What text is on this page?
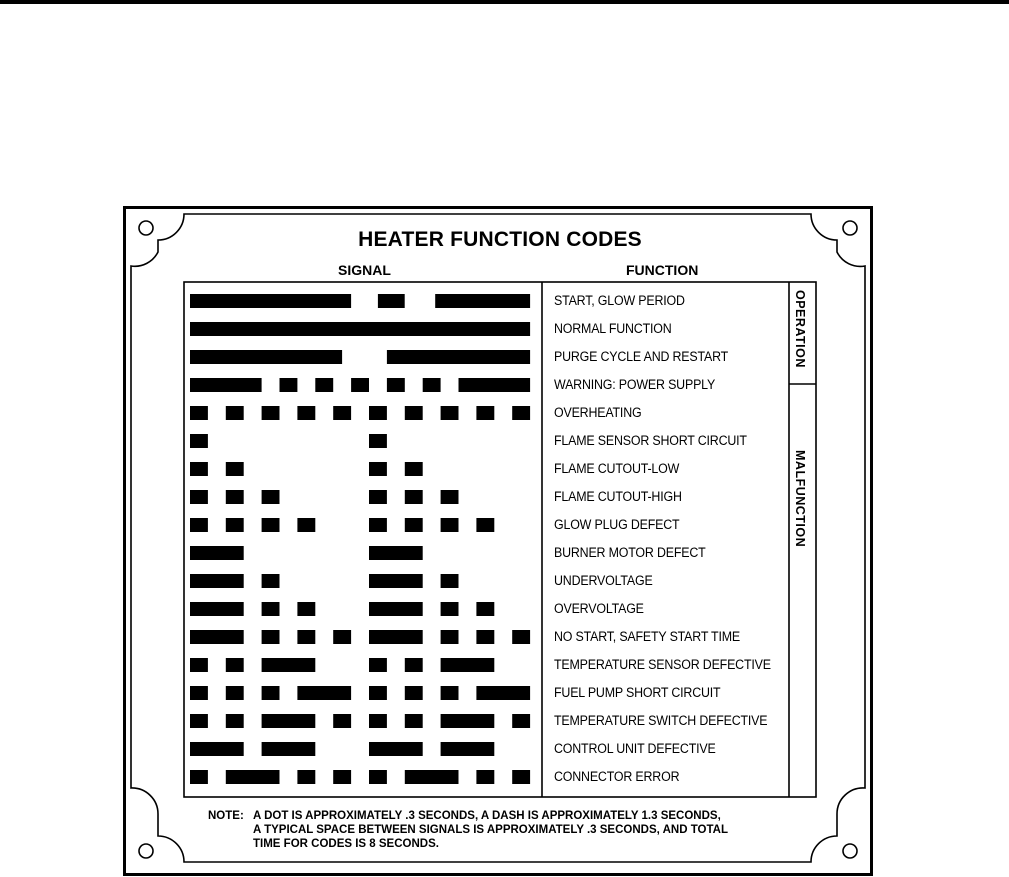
HEATER FUNCTION CODES
SIGNAL	FUNCTION
START, GLOW PERIOD
NORMAL FUNCTION
PURGE CYCLE AND RESTART
WARNING: POWER SUPPLY
OVERHEATING
FLAME SENSOR SHORT CIRCUIT
FLAME CUTOUT-LOW
FLAME CUTOUT-HIGH
GLOW PLUG DEFECT
BURNER MOTOR DEFECT
UNDERVOLTAGE
OVERVOLTAGE
NO START, SAFETY START TIME
TEMPERATURE SENSOR DEFECTIVE
FUEL PUMP SHORT CIRCUIT
TEMPERATURE SWITCH DEFECTIVE
CONTROL UNIT DEFECTIVE
CONNECTOR ERROR
OPERATION
MALFUNCTION
NOTE: A DOT IS APPROXIMATELY .3 SECONDS, A DASH IS APPROXIMATELY 1.3 SECONDS,
A TYPICAL SPACE BETWEEN SIGNALS IS APPROXIMATELY .3 SECONDS, AND TOTAL
TIME FOR CODES IS 8 SECONDS.
